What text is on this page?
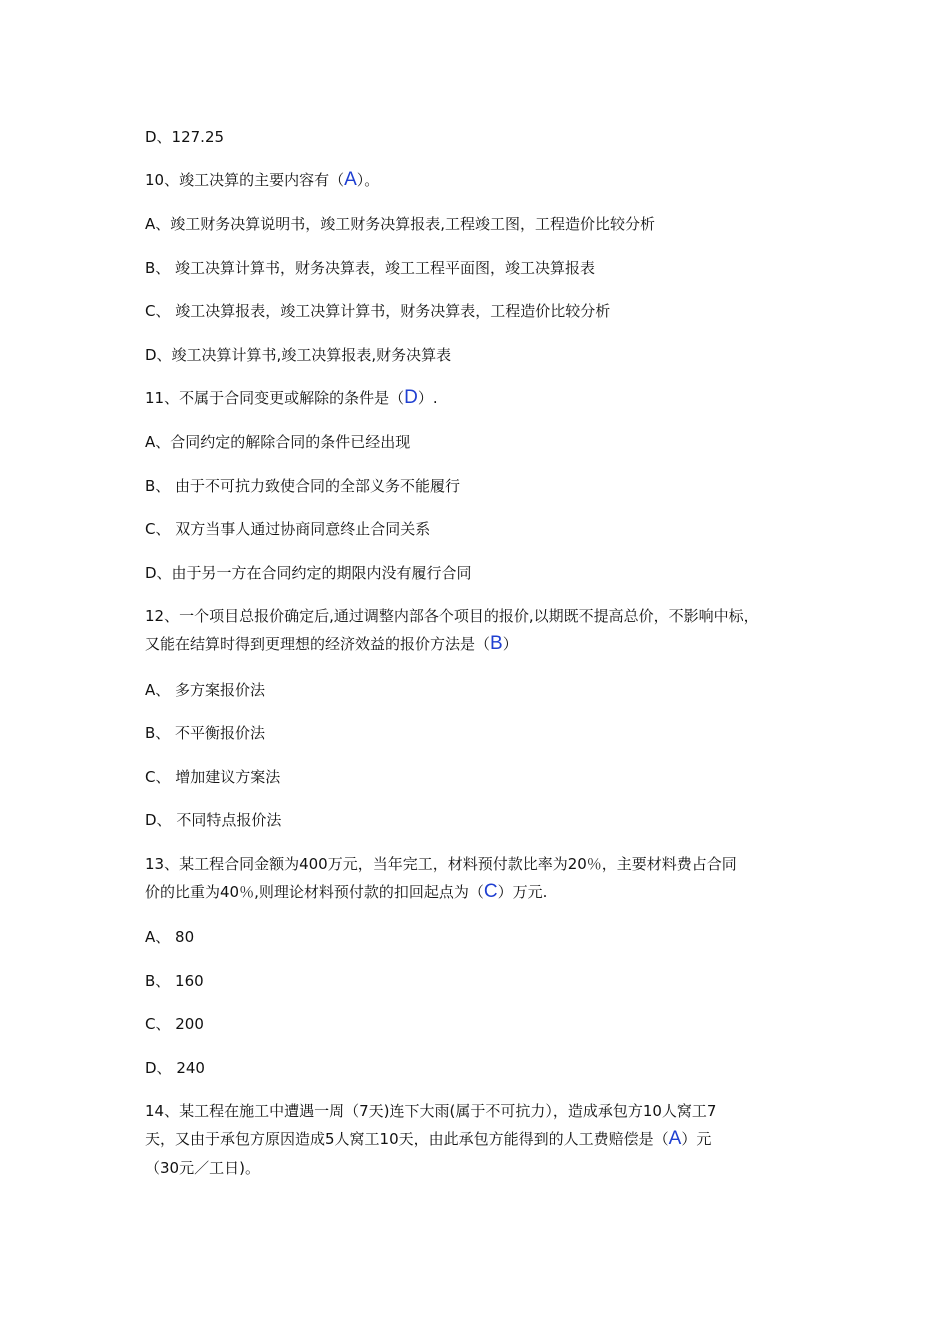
D、127.25
10、竣工决算的主要内容有（A）。
A、竣工财务决算说明书，竣工财务决算报表,工程竣工图，工程造价比较分析
B、 竣工决算计算书，财务决算表，竣工工程平面图，竣工决算报表
C、 竣工决算报表，竣工决算计算书，财务决算表，工程造价比较分析
D、竣工决算计算书,竣工决算报表,财务决算表
11、不属于合同变更或解除的条件是（D）.
A、合同约定的解除合同的条件已经出现
B、 由于不可抗力致使合同的全部义务不能履行
C、 双方当事人通过协商同意终止合同关系
D、由于另一方在合同约定的期限内没有履行合同
12、一个项目总报价确定后,通过调整内部各个项目的报价,以期既不提高总价，不影响中标，
又能在结算时得到更理想的经济效益的报价方法是（B）
A、 多方案报价法
B、 不平衡报价法
C、 增加建议方案法
D、 不同特点报价法
13、某工程合同金额为400万元，当年完工，材料预付款比率为20％，主要材料费占合同
价的比重为40％,则理论材料预付款的扣回起点为（C）万元.
A、 80
B、 160
C、 200
D、 240
14、某工程在施工中遭遇一周（7天)连下大雨(属于不可抗力），造成承包方10人窝工7
天，又由于承包方原因造成5人窝工10天，由此承包方能得到的人工费赔偿是（A）元
（30元／工日)。
